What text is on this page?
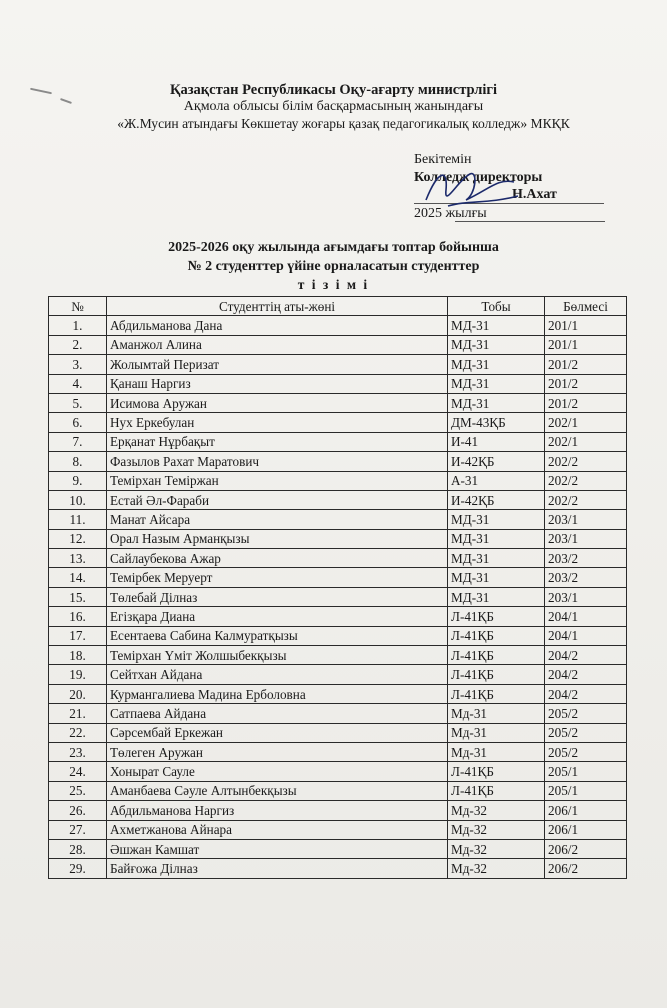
Қазақстан Республикасы Оқу-ағарту министрлігі
Ақмола облысы білім басқармасының жанындағы
«Ж.Мусин атындағы Көкшетау жоғары қазақ педагогикалық колледж» МКҚК
Бекітемін
Колледж директоры
Н.Ахат
2025 жылғы
2025-2026 оқу жылында ағымдағы топтар бойынша
№ 2 студенттер үйіне орналасатын студенттер
т і з і м і
№	Студенттің аты-жөні	Тобы	Бөлмесі
1.	Абдильманова Дана	МД-31	201/1
2.	Аманжол Алина	МД-31	201/1
3.	Жолымтай Перизат	МД-31	201/2
4.	Қанаш Наргиз	МД-31	201/2
5.	Исимова Аружан	МД-31	201/2
6.	Нух Еркебулан	ДМ-43ҚБ	202/1
7.	Ерқанат Нұрбақыт	И-41	202/1
8.	Фазылов Рахат Маратович	И-42ҚБ	202/2
9.	Темірхан Теміржан	А-31	202/2
10.	Естай Әл-Фараби	И-42ҚБ	202/2
11.	Манат Айсара	МД-31	203/1
12.	Орал Назым Арманқызы	МД-31	203/1
13.	Сайлаубекова Ажар	МД-31	203/2
14.	Темірбек Меруерт	МД-31	203/2
15.	Төлебай Ділназ	МД-31	203/1
16.	Егізқара Диана	Л-41ҚБ	204/1
17.	Есентаева Сабина Калмуратқызы	Л-41ҚБ	204/1
18.	Темірхан Үміт Жолшыбекқызы	Л-41ҚБ	204/2
19.	Сейтхан Айдана	Л-41ҚБ	204/2
20.	Курмангалиева Мадина Ерболовна	Л-41ҚБ	204/2
21.	Сатпаева Айдана	Мд-31	205/2
22.	Сәрсембай Еркежан	Мд-31	205/2
23.	Төлеген Аружан	Мд-31	205/2
24.	Хонырат Сауле	Л-41ҚБ	205/1
25.	Аманбаева Сәуле Алтынбекқызы	Л-41ҚБ	205/1
26.	Абдильманова Наргиз	Мд-32	206/1
27.	Ахметжанова Айнара	Мд-32	206/1
28.	Әшжан Камшат	Мд-32	206/2
29.	Байғожа Ділназ	Мд-32	206/2
